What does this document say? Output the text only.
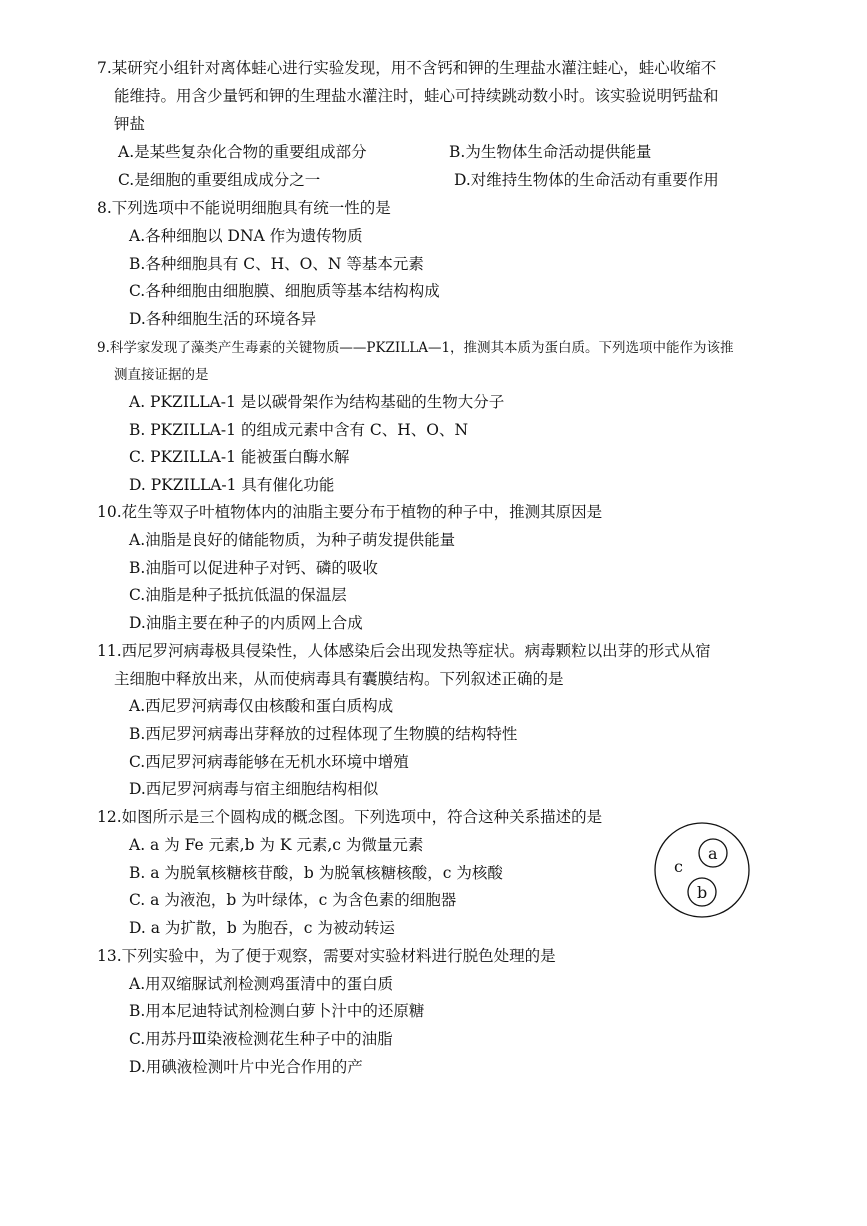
7.某研究小组针对离体蛙心进行实验发现，用不含钙和钾的生理盐水灌注蛙心，蛙心收缩不
能维持。用含少量钙和钾的生理盐水灌注时，蛙心可持续跳动数小时。该实验说明钙盐和
钾盐
A.是某些复杂化合物的重要组成部分	B.为生物体生命活动提供能量
C.是细胞的重要组成成分之一	D.对维持生物体的生命活动有重要作用
8.下列选项中不能说明细胞具有统一性的是
A.各种细胞以 DNA 作为遗传物质
B.各种细胞具有 C、H、O、N 等基本元素
C.各种细胞由细胞膜、细胞质等基本结构构成
D.各种细胞生活的环境各异
9.科学家发现了藻类产生毒素的关键物质——PKZILLA—1，推测其本质为蛋白质。下列选项中能作为该推
测直接证据的是
A. PKZILLA-1 是以碳骨架作为结构基础的生物大分子
B. PKZILLA-1 的组成元素中含有 C、H、O、N
C. PKZILLA-1 能被蛋白酶水解
D. PKZILLA-1 具有催化功能
10.花生等双子叶植物体内的油脂主要分布于植物的种子中，推测其原因是
A.油脂是良好的储能物质，为种子萌发提供能量
B.油脂可以促进种子对钙、磷的吸收
C.油脂是种子抵抗低温的保温层
D.油脂主要在种子的内质网上合成
11.西尼罗河病毒极具侵染性，人体感染后会出现发热等症状。病毒颗粒以出芽的形式从宿
主细胞中释放出来，从而使病毒具有囊膜结构。下列叙述正确的是
A.西尼罗河病毒仅由核酸和蛋白质构成
B.西尼罗河病毒出芽释放的过程体现了生物膜的结构特性
C.西尼罗河病毒能够在无机水环境中增殖
D.西尼罗河病毒与宿主细胞结构相似
12.如图所示是三个圆构成的概念图。下列选项中，符合这种关系描述的是
A. a 为 Fe 元素,b 为 K 元素,c 为微量元素
B. a 为脱氧核糖核苷酸，b 为脱氧核糖核酸，c 为核酸
C. a 为液泡，b 为叶绿体，c 为含色素的细胞器
D. a 为扩散，b 为胞吞，c 为被动转运
c
a
b
13.下列实验中，为了便于观察，需要对实验材料进行脱色处理的是
A.用双缩脲试剂检测鸡蛋清中的蛋白质
B.用本尼迪特试剂检测白萝卜汁中的还原糖
C.用苏丹Ⅲ染液检测花生种子中的油脂
D.用碘液检测叶片中光合作用的产
